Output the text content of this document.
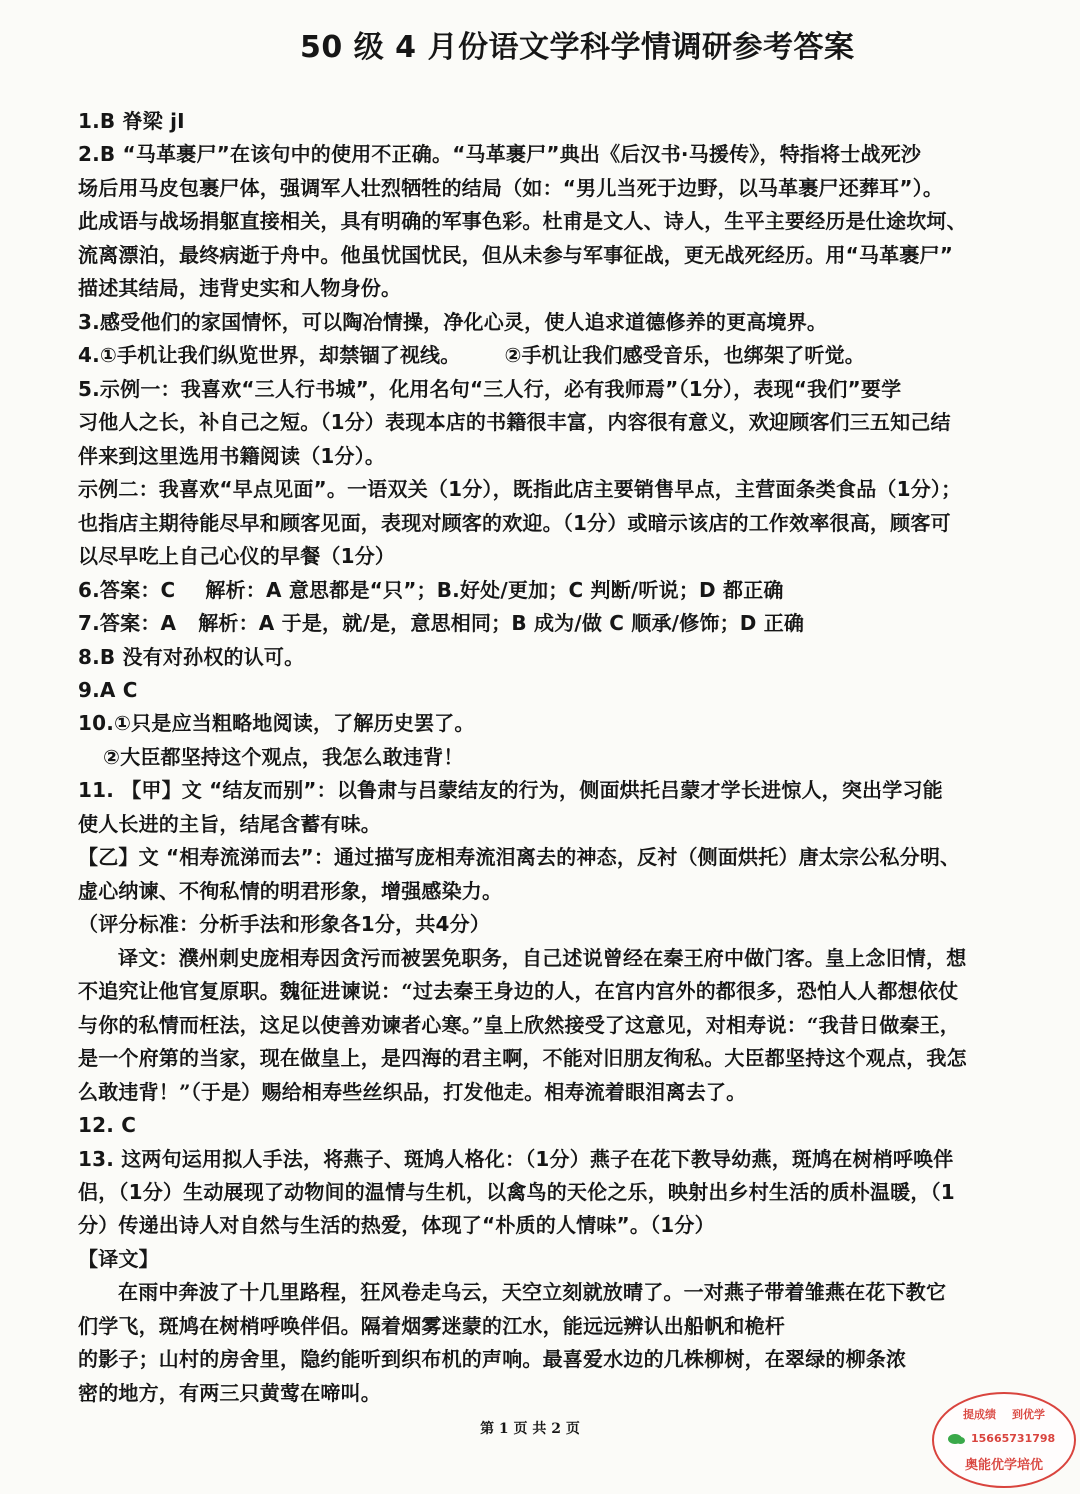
50 级 4 月份语文学科学情调研参考答案
1.B 脊梁 jI
2.B “马革裹尸”在该句中的使用不正确。“马革裹尸”典出《后汉书·马援传》，特指将士战死沙
场后用马皮包裹尸体，强调军人壮烈牺牲的结局（如：“男儿当死于边野，以马革裹尸还葬耳”）。
此成语与战场捐躯直接相关，具有明确的军事色彩。杜甫是文人、诗人，生平主要经历是仕途坎坷、
流离漂泊，最终病逝于舟中。他虽忧国忧民，但从未参与军事征战，更无战死经历。用“马革裹尸”
描述其结局，违背史实和人物身份。
3.感受他们的家国情怀，可以陶冶情操，净化心灵，使人追求道德修养的更高境界。
4.①手机让我们纵览世界，却禁锢了视线。 ②手机让我们感受音乐，也绑架了听觉。
5.示例一：我喜欢“三人行书城”，化用名句“三人行，必有我师焉”（1分），表现“我们”要学
习他人之长，补自己之短。（1分）表现本店的书籍很丰富，内容很有意义，欢迎顾客们三五知己结
伴来到这里选用书籍阅读（1分）。
示例二：我喜欢“早点见面”。一语双关（1分），既指此店主要销售早点，主营面条类食品（1分）；
也指店主期待能尽早和顾客见面，表现对顾客的欢迎。（1分）或暗示该店的工作效率很高，顾客可
以尽早吃上自己心仪的早餐（1分）
6.答案：C 解析：A 意思都是“只”；B.好处/更加；C 判断/听说；D 都正确
7.答案：A 解析：A 于是，就/是，意思相同；B 成为/做 C 顺承/修饰；D 正确
8.B 没有对孙权的认可。
9.A C
10.①只是应当粗略地阅读，了解历史罢了。
②大臣都坚持这个观点，我怎么敢违背！
11. 【甲】文 “结友而别”：以鲁肃与吕蒙结友的行为，侧面烘托吕蒙才学长进惊人，突出学习能
使人长进的主旨，结尾含蓄有味。
【乙】文 “相寿流涕而去”：通过描写庞相寿流泪离去的神态，反衬（侧面烘托）唐太宗公私分明、
虚心纳谏、不徇私情的明君形象，增强感染力。
（评分标准：分析手法和形象各1分，共4分）
译文：濮州刺史庞相寿因贪污而被罢免职务，自己述说曾经在秦王府中做门客。皇上念旧情，想
不追究让他官复原职。魏征进谏说：“过去秦王身边的人，在宫内宫外的都很多，恐怕人人都想依仗
与你的私情而枉法，这足以使善劝谏者心寒。”皇上欣然接受了这意见，对相寿说：“我昔日做秦王，
是一个府第的当家，现在做皇上，是四海的君主啊，不能对旧朋友徇私。大臣都坚持这个观点，我怎
么敢违背！”（于是）赐给相寿些丝织品，打发他走。相寿流着眼泪离去了。
12. C
13. 这两句运用拟人手法，将燕子、斑鸠人格化：（1分）燕子在花下教导幼燕，斑鸠在树梢呼唤伴
侣，（1分）生动展现了动物间的温情与生机，以禽鸟的天伦之乐，映射出乡村生活的质朴温暖，（1
分）传递出诗人对自然与生活的热爱，体现了“朴质的人情味”。（1分）
【译文】
在雨中奔波了十几里路程，狂风卷走乌云，天空立刻就放晴了。一对燕子带着雏燕在花下教它
们学飞，斑鸠在树梢呼唤伴侣。隔着烟雾迷蒙的江水，能远远辨认出船帆和桅杆
的影子；山村的房舍里，隐约能听到织布机的声响。最喜爱水边的几株柳树，在翠绿的柳条浓
密的地方，有两三只黄莺在啼叫。
第 1 页 共 2 页
提成绩 到优学
15665731798
奥能优学培优
